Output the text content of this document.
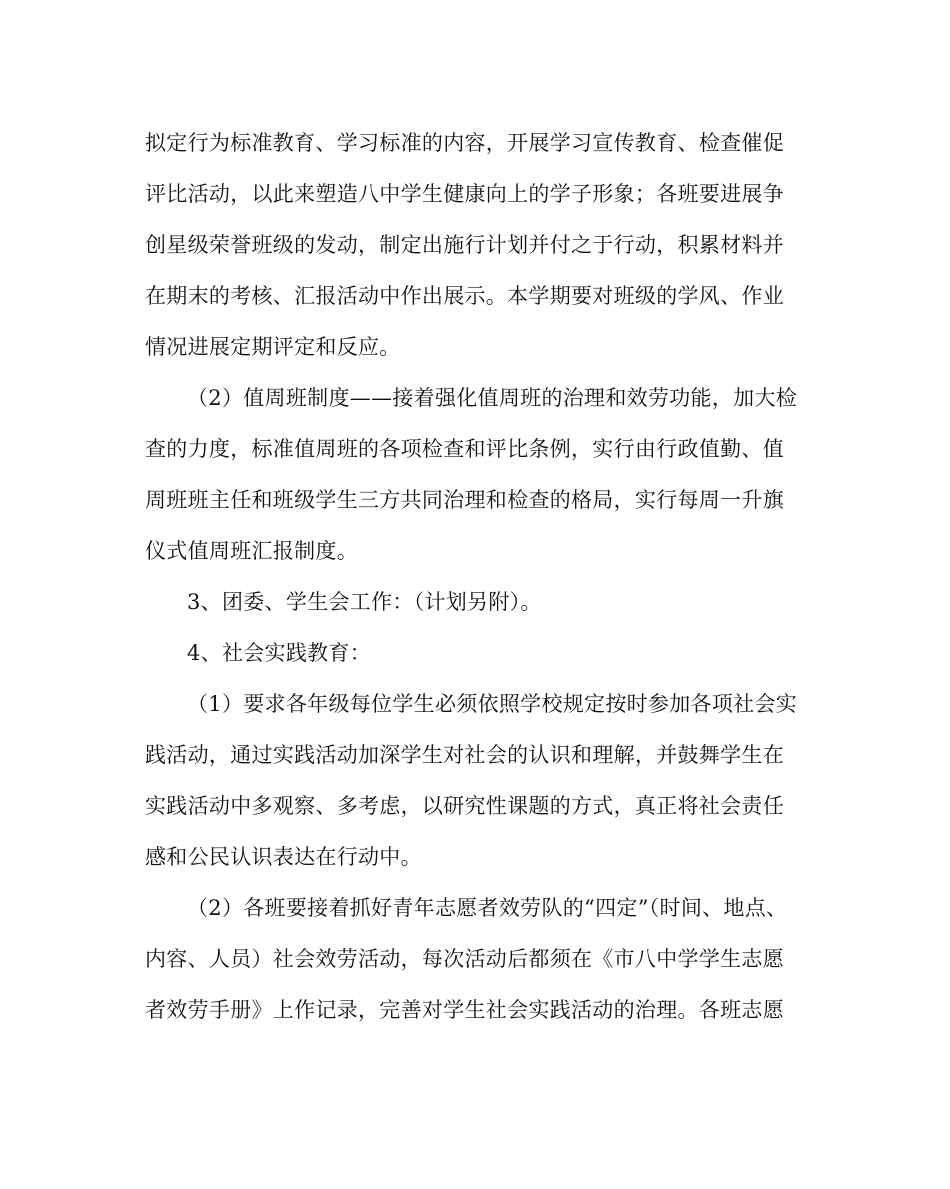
拟定行为标准教育、学习标准的内容，开展学习宣传教育、检查催促
评比活动，以此来塑造八中学生健康向上的学子形象；各班要进展争
创星级荣誉班级的发动，制定出施行计划并付之于行动，积累材料并
在期末的考核、汇报活动中作出展示。本学期要对班级的学风、作业
情况进展定期评定和反应。
（2）值周班制度——接着强化值周班的治理和效劳功能，加大检
查的力度，标准值周班的各项检查和评比条例，实行由行政值勤、值
周班班主任和班级学生三方共同治理和检查的格局，实行每周一升旗
仪式值周班汇报制度。
3、团委、学生会工作：（计划另附）。
4、社会实践教育：
（1）要求各年级每位学生必须依照学校规定按时参加各项社会实
践活动，通过实践活动加深学生对社会的认识和理解，并鼓舞学生在
实践活动中多观察、多考虑，以研究性课题的方式，真正将社会责任
感和公民认识表达在行动中。
（2）各班要接着抓好青年志愿者效劳队的“四定”（时间、地点、
内容、人员）社会效劳活动，每次活动后都须在《市八中学学生志愿
者效劳手册》上作记录，完善对学生社会实践活动的治理。各班志愿
